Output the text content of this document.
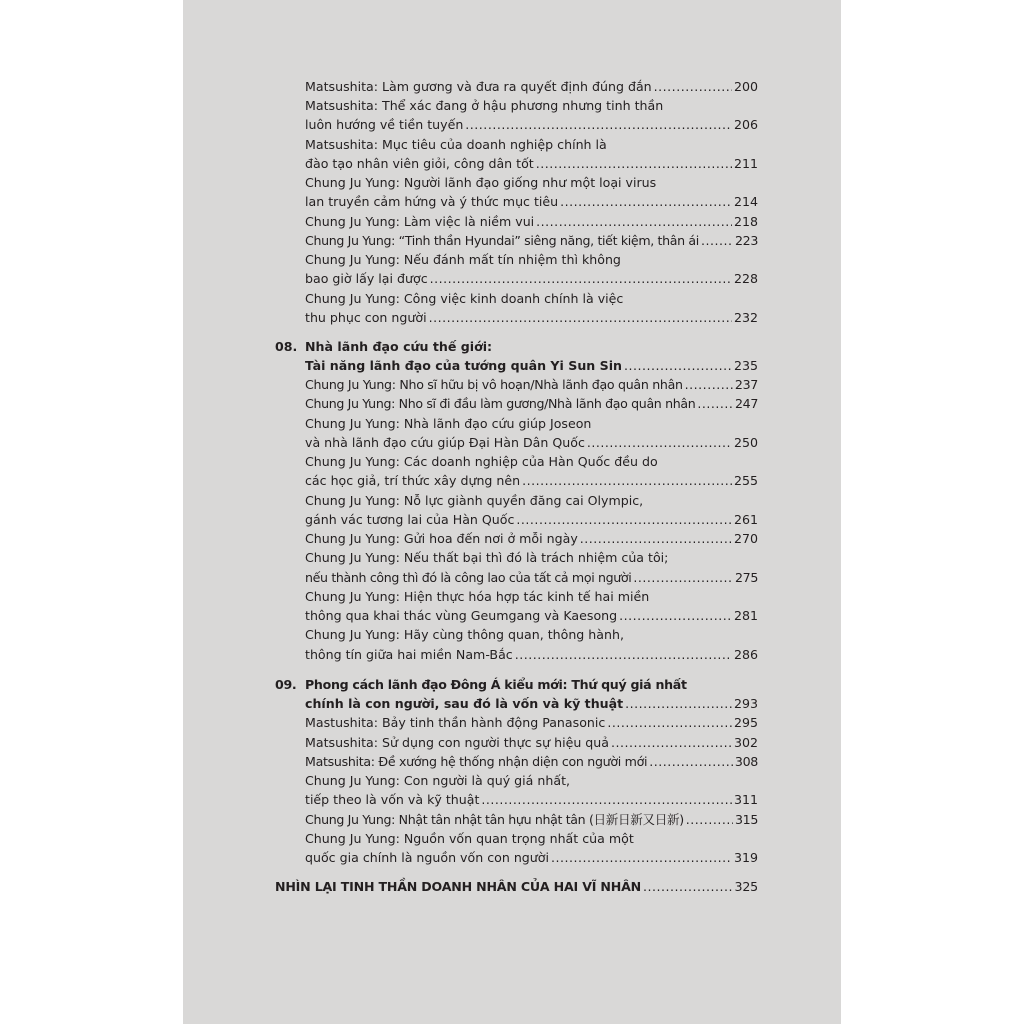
Matsushita: Làm gương và đưa ra quyết định đúng đắn .....	200
Matsushita: Thể xác đang ở hậu phương nhưng tinh thần
luôn hướng về tiền tuyến .....	206
Matsushita: Mục tiêu của doanh nghiệp chính là
đào tạo nhân viên giỏi, công dân tốt .....	211
Chung Ju Yung: Người lãnh đạo giống như một loại virus
lan truyền cảm hứng và ý thức mục tiêu .....	214
Chung Ju Yung: Làm việc là niềm vui .....	218
Chung Ju Yung: “Tinh thần Hyundai” siêng năng, tiết kiệm, thân ái .....	223
Chung Ju Yung: Nếu đánh mất tín nhiệm thì không
bao giờ lấy lại được .....	228
Chung Ju Yung: Công việc kinh doanh chính là việc
thu phục con người .....	232
08. Nhà lãnh đạo cứu thế giới:
Tài năng lãnh đạo của tướng quân Yi Sun Sin .....	235
Chung Ju Yung: Nho sĩ hữu bị vô hoạn/Nhà lãnh đạo quân nhân .....	237
Chung Ju Yung: Nho sĩ đi đầu làm gương/Nhà lãnh đạo quân nhân .....	247
Chung Ju Yung: Nhà lãnh đạo cứu giúp Joseon
và nhà lãnh đạo cứu giúp Đại Hàn Dân Quốc .....	250
Chung Ju Yung: Các doanh nghiệp của Hàn Quốc đều do
các học giả, trí thức xây dựng nên .....	255
Chung Ju Yung: Nỗ lực giành quyền đăng cai Olympic,
gánh vác tương lai của Hàn Quốc .....	261
Chung Ju Yung: Gửi hoa đến nơi ở mỗi ngày .....	270
Chung Ju Yung: Nếu thất bại thì đó là trách nhiệm của tôi;
nếu thành công thì đó là công lao của tất cả mọi người .....	275
Chung Ju Yung: Hiện thực hóa hợp tác kinh tế hai miền
thông qua khai thác vùng Geumgang và Kaesong .....	281
Chung Ju Yung: Hãy cùng thông quan, thông hành,
thông tín giữa hai miền Nam-Bắc .....	286
09. Phong cách lãnh đạo Đông Á kiểu mới: Thứ quý giá nhất
chính là con người, sau đó là vốn và kỹ thuật .....	293
Mastushita: Bảy tinh thần hành động Panasonic .....	295
Matsushita: Sử dụng con người thực sự hiệu quả .....	302
Matsushita: Đề xướng hệ thống nhận diện con người mới .....	308
Chung Ju Yung: Con người là quý giá nhất,
tiếp theo là vốn và kỹ thuật .....	311
Chung Ju Yung: Nhật tân nhật tân hựu nhật tân (日新日新又日新) .....	315
Chung Ju Yung: Nguồn vốn quan trọng nhất của một
quốc gia chính là nguồn vốn con người .....	319
NHÌN LẠI TINH THẦN DOANH NHÂN CỦA HAI VĨ NHÂN .....	325
